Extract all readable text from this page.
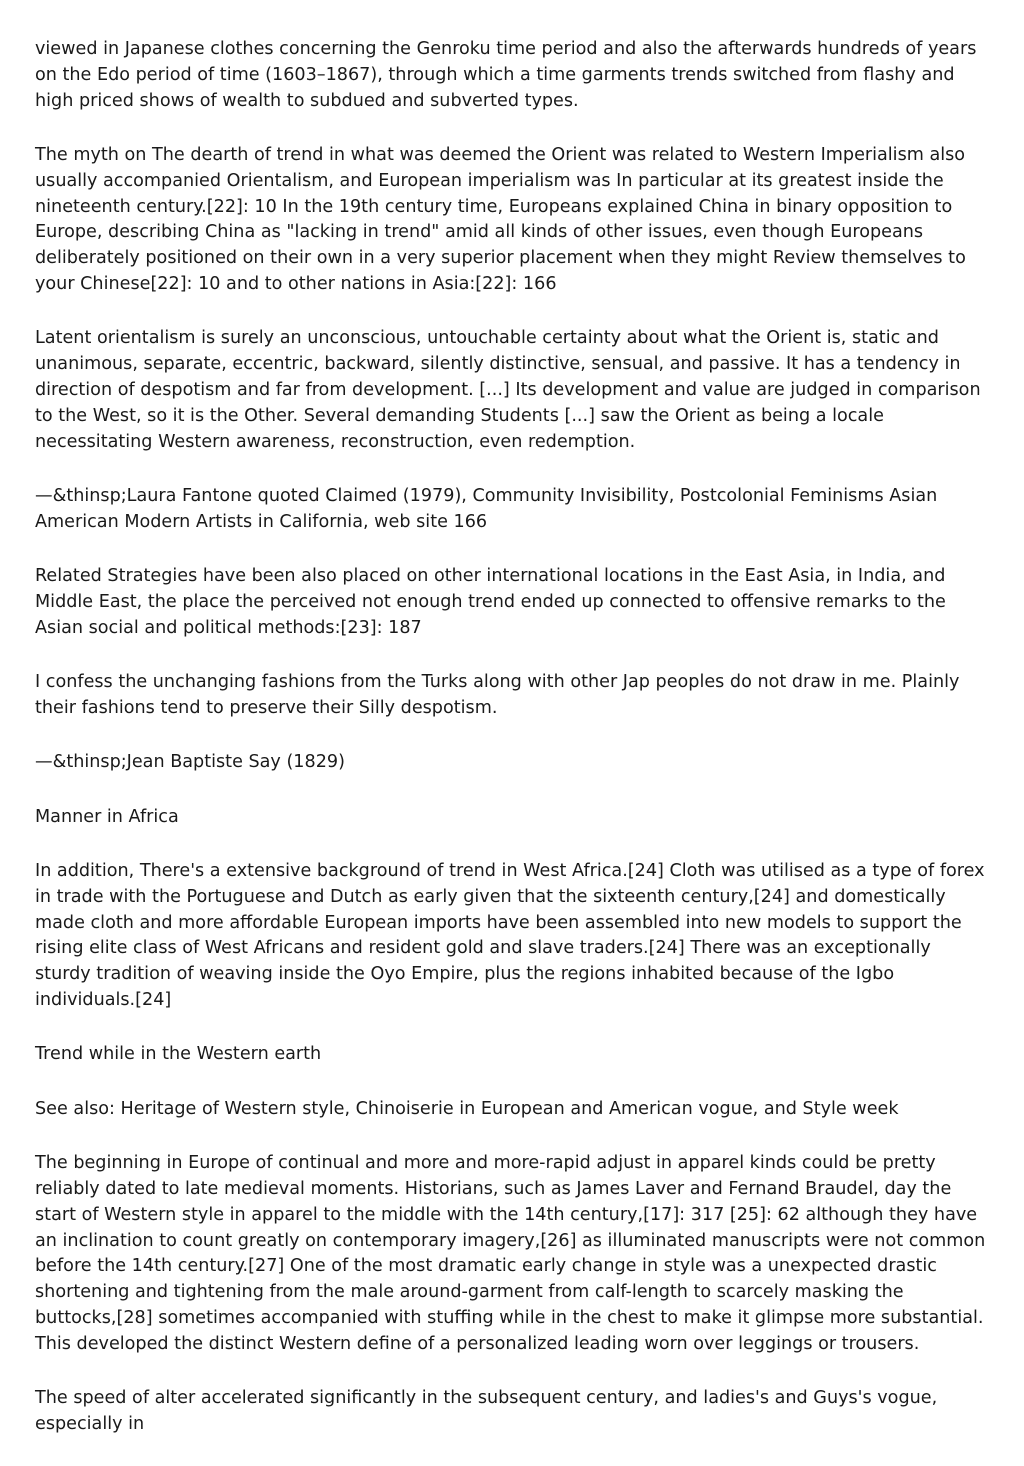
viewed in Japanese clothes concerning the Genroku time period and also the afterwards hundreds of years on the Edo period of time (1603–1867), through which a time garments trends switched from flashy and high priced shows of wealth to subdued and subverted types.

The myth on The dearth of trend in what was deemed the Orient was related to Western Imperialism also usually accompanied Orientalism, and European imperialism was In particular at its greatest inside the nineteenth century.[22]: 10 In the 19th century time, Europeans explained China in binary opposition to Europe, describing China as "lacking in trend" amid all kinds of other issues, even though Europeans deliberately positioned on their own in a very superior placement when they might Review themselves to your Chinese[22]: 10 and to other nations in Asia:[22]: 166

Latent orientalism is surely an unconscious, untouchable certainty about what the Orient is, static and unanimous, separate, eccentric, backward, silently distinctive, sensual, and passive. It has a tendency in direction of despotism and far from development. [...] Its development and value are judged in comparison to the West, so it is the Other. Several demanding Students [...] saw the Orient as being a locale necessitating Western awareness, reconstruction, even redemption.

—&thinsp;Laura Fantone quoted Claimed (1979), Community Invisibility, Postcolonial Feminisms Asian American Modern Artists in California, web site 166

Related Strategies have been also placed on other international locations in the East Asia, in India, and Middle East, the place the perceived not enough trend ended up connected to offensive remarks to the Asian social and political methods:[23]: 187

I confess the unchanging fashions from the Turks along with other Jap peoples do not draw in me. Plainly their fashions tend to preserve their Silly despotism.

—&thinsp;Jean Baptiste Say (1829)

Manner in Africa

In addition, There's a extensive background of trend in West Africa.[24] Cloth was utilised as a type of forex in trade with the Portuguese and Dutch as early given that the sixteenth century,[24] and domestically made cloth and more affordable European imports have been assembled into new models to support the rising elite class of West Africans and resident gold and slave traders.[24] There was an exceptionally sturdy tradition of weaving inside the Oyo Empire, plus the regions inhabited because of the Igbo individuals.[24]

Trend while in the Western earth

See also: Heritage of Western style, Chinoiserie in European and American vogue, and Style week

The beginning in Europe of continual and more and more-rapid adjust in apparel kinds could be pretty reliably dated to late medieval moments. Historians, such as James Laver and Fernand Braudel, day the start of Western style in apparel to the middle with the 14th century,[17]: 317 [25]: 62 although they have an inclination to count greatly on contemporary imagery,[26] as illuminated manuscripts were not common before the 14th century.[27] One of the most dramatic early change in style was a unexpected drastic shortening and tightening from the male around-garment from calf-length to scarcely masking the buttocks,[28] sometimes accompanied with stuffing while in the chest to make it glimpse more substantial. This developed the distinct Western define of a personalized leading worn over leggings or trousers.

The speed of alter accelerated significantly in the subsequent century, and ladies's and Guys's vogue, especially in
